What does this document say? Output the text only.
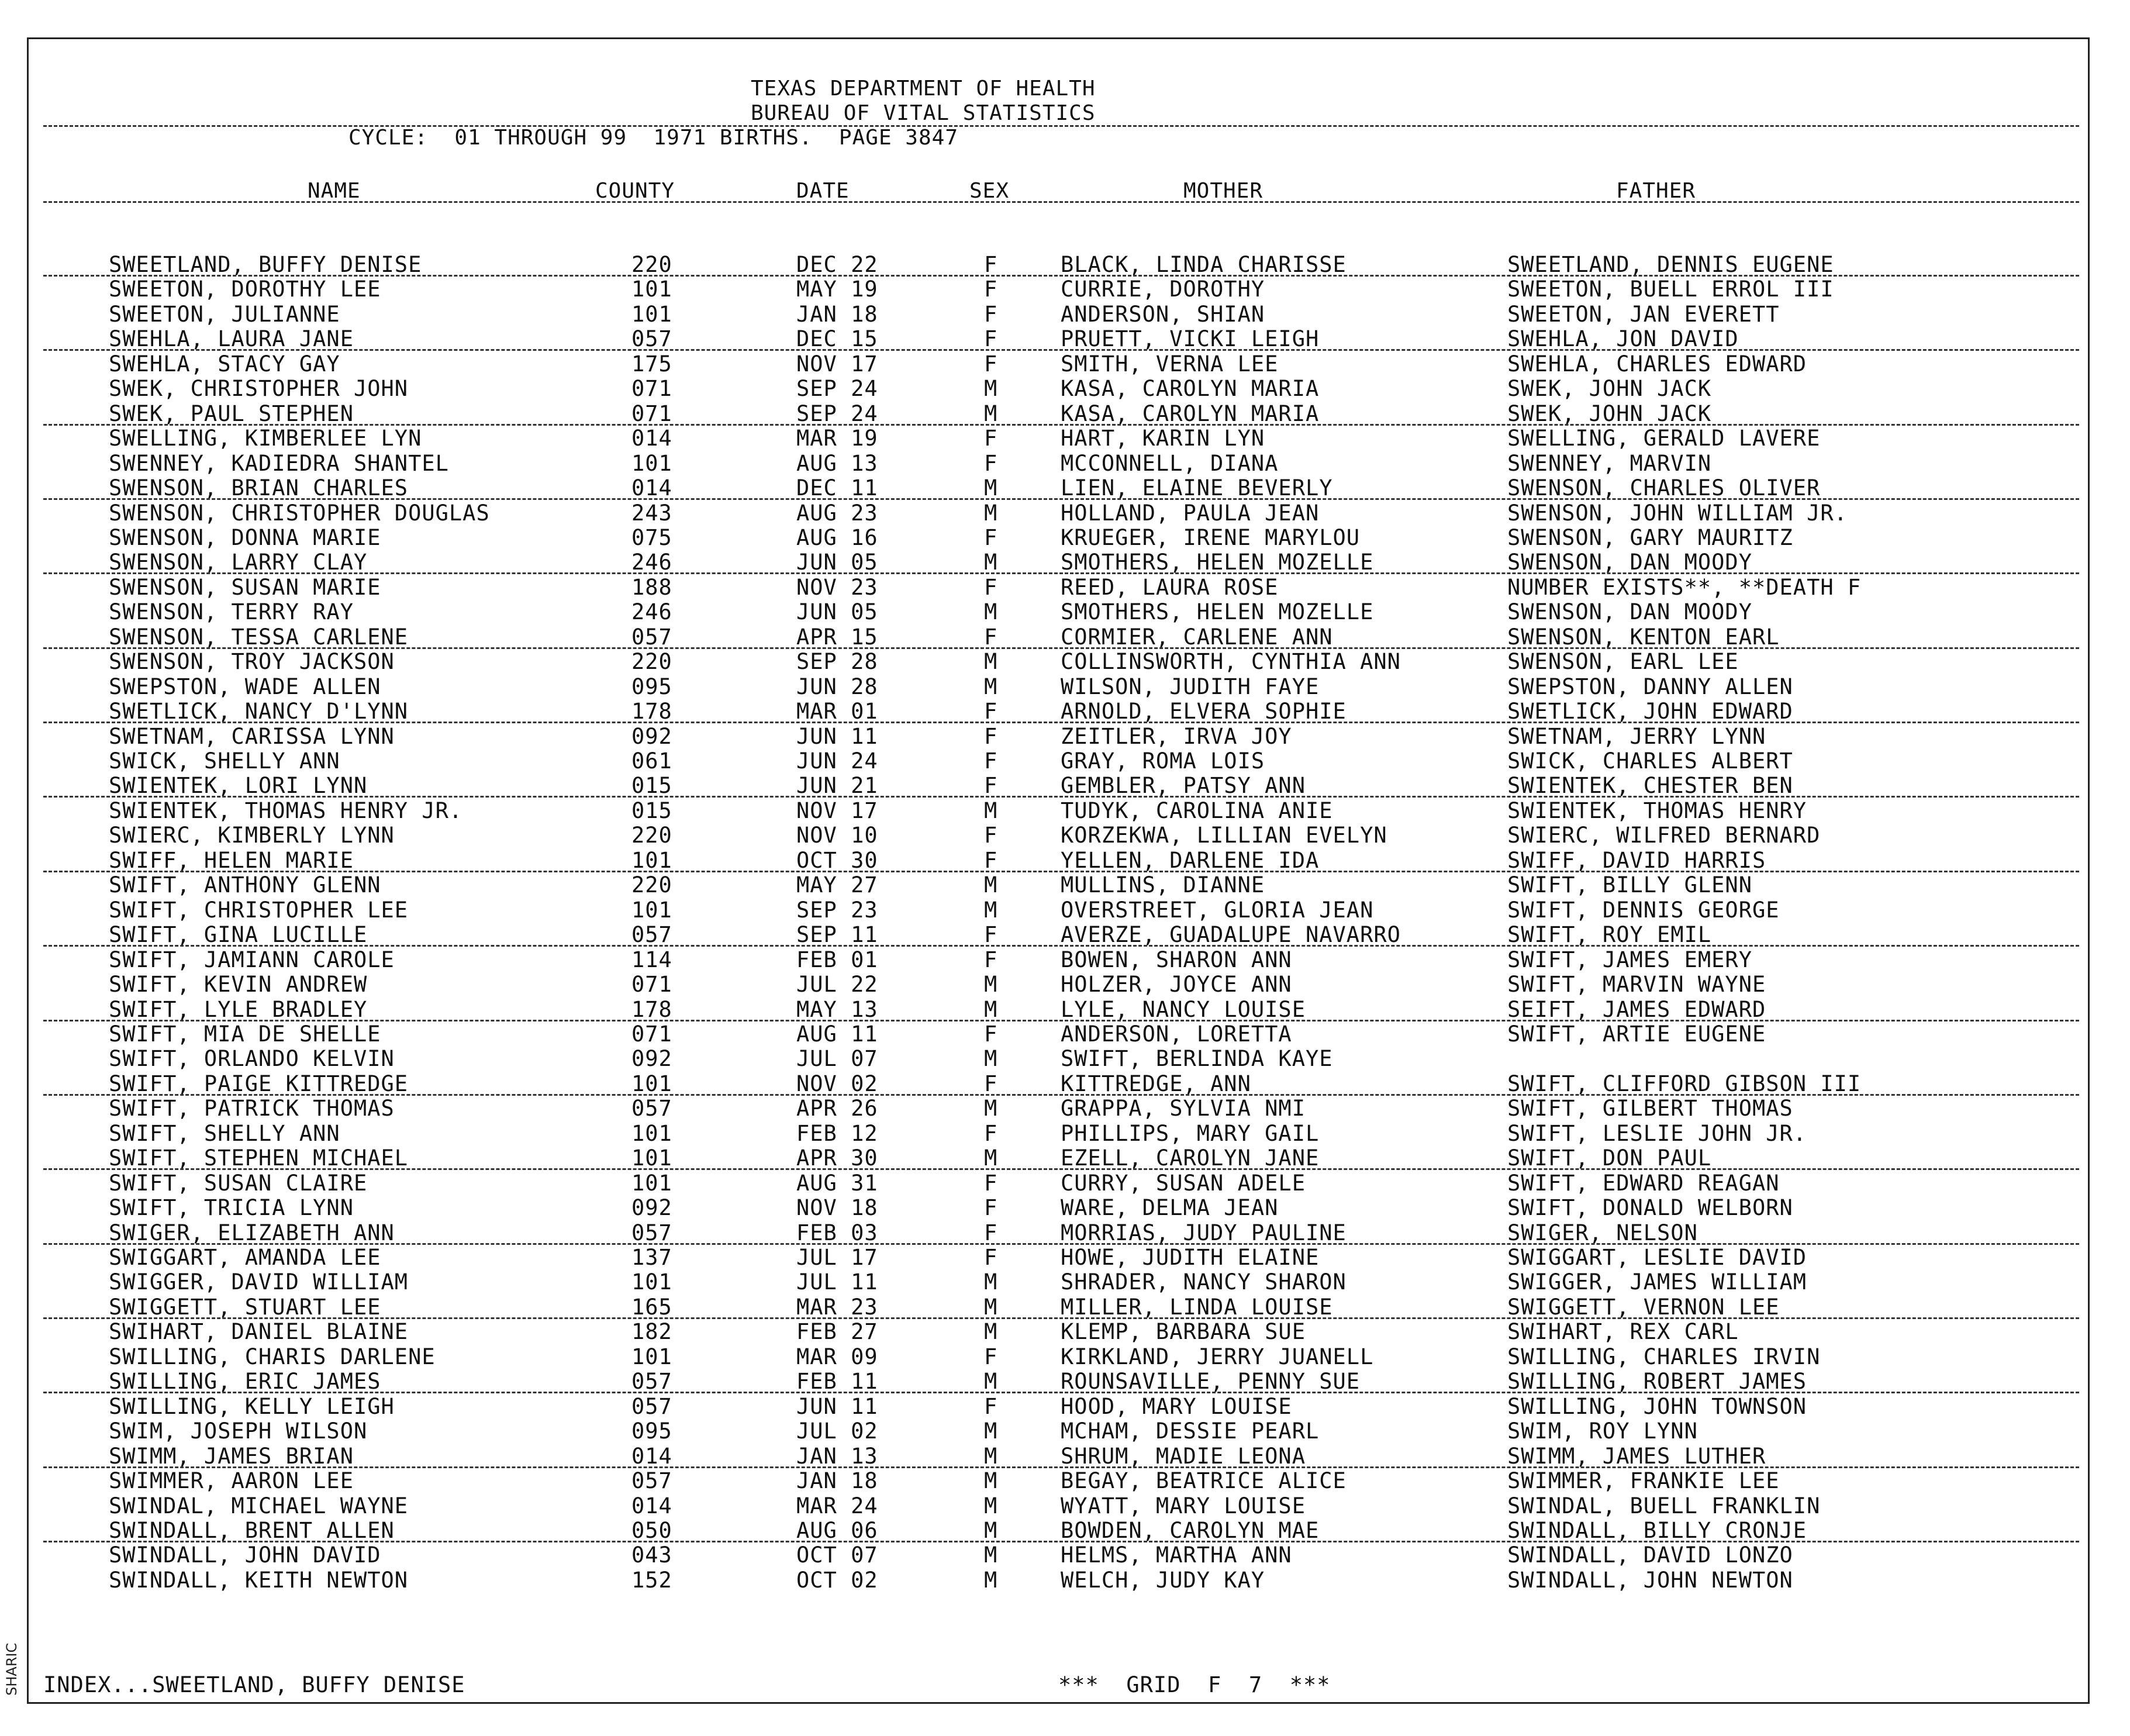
SHARIC
TEXAS DEPARTMENT OF HEALTH
BUREAU OF VITAL STATISTICS
CYCLE:  01 THROUGH 99  1971 BIRTHS.  PAGE 3847
NAME	COUNTY	DATE	SEX	MOTHER	FATHER
SWEETLAND, BUFFY DENISE	220	DEC 22	F	BLACK, LINDA CHARISSE	SWEETLAND, DENNIS EUGENE
SWEETON, DOROTHY LEE	101	MAY 19	F	CURRIE, DOROTHY	SWEETON, BUELL ERROL III
SWEETON, JULIANNE	101	JAN 18	F	ANDERSON, SHIAN	SWEETON, JAN EVERETT
SWEHLA, LAURA JANE	057	DEC 15	F	PRUETT, VICKI LEIGH	SWEHLA, JON DAVID
SWEHLA, STACY GAY	175	NOV 17	F	SMITH, VERNA LEE	SWEHLA, CHARLES EDWARD
SWEK, CHRISTOPHER JOHN	071	SEP 24	M	KASA, CAROLYN MARIA	SWEK, JOHN JACK
SWEK, PAUL STEPHEN	071	SEP 24	M	KASA, CAROLYN MARIA	SWEK, JOHN JACK
SWELLING, KIMBERLEE LYN	014	MAR 19	F	HART, KARIN LYN	SWELLING, GERALD LAVERE
SWENNEY, KADIEDRA SHANTEL	101	AUG 13	F	MCCONNELL, DIANA	SWENNEY, MARVIN
SWENSON, BRIAN CHARLES	014	DEC 11	M	LIEN, ELAINE BEVERLY	SWENSON, CHARLES OLIVER
SWENSON, CHRISTOPHER DOUGLAS	243	AUG 23	M	HOLLAND, PAULA JEAN	SWENSON, JOHN WILLIAM JR.
SWENSON, DONNA MARIE	075	AUG 16	F	KRUEGER, IRENE MARYLOU	SWENSON, GARY MAURITZ
SWENSON, LARRY CLAY	246	JUN 05	M	SMOTHERS, HELEN MOZELLE	SWENSON, DAN MOODY
SWENSON, SUSAN MARIE	188	NOV 23	F	REED, LAURA ROSE	NUMBER EXISTS**, **DEATH F
SWENSON, TERRY RAY	246	JUN 05	M	SMOTHERS, HELEN MOZELLE	SWENSON, DAN MOODY
SWENSON, TESSA CARLENE	057	APR 15	F	CORMIER, CARLENE ANN	SWENSON, KENTON EARL
SWENSON, TROY JACKSON	220	SEP 28	M	COLLINSWORTH, CYNTHIA ANN	SWENSON, EARL LEE
SWEPSTON, WADE ALLEN	095	JUN 28	M	WILSON, JUDITH FAYE	SWEPSTON, DANNY ALLEN
SWETLICK, NANCY D'LYNN	178	MAR 01	F	ARNOLD, ELVERA SOPHIE	SWETLICK, JOHN EDWARD
SWETNAM, CARISSA LYNN	092	JUN 11	F	ZEITLER, IRVA JOY	SWETNAM, JERRY LYNN
SWICK, SHELLY ANN	061	JUN 24	F	GRAY, ROMA LOIS	SWICK, CHARLES ALBERT
SWIENTEK, LORI LYNN	015	JUN 21	F	GEMBLER, PATSY ANN	SWIENTEK, CHESTER BEN
SWIENTEK, THOMAS HENRY JR.	015	NOV 17	M	TUDYK, CAROLINA ANIE	SWIENTEK, THOMAS HENRY
SWIERC, KIMBERLY LYNN	220	NOV 10	F	KORZEKWA, LILLIAN EVELYN	SWIERC, WILFRED BERNARD
SWIFF, HELEN MARIE	101	OCT 30	F	YELLEN, DARLENE IDA	SWIFF, DAVID HARRIS
SWIFT, ANTHONY GLENN	220	MAY 27	M	MULLINS, DIANNE	SWIFT, BILLY GLENN
SWIFT, CHRISTOPHER LEE	101	SEP 23	M	OVERSTREET, GLORIA JEAN	SWIFT, DENNIS GEORGE
SWIFT, GINA LUCILLE	057	SEP 11	F	AVERZE, GUADALUPE NAVARRO	SWIFT, ROY EMIL
SWIFT, JAMIANN CAROLE	114	FEB 01	F	BOWEN, SHARON ANN	SWIFT, JAMES EMERY
SWIFT, KEVIN ANDREW	071	JUL 22	M	HOLZER, JOYCE ANN	SWIFT, MARVIN WAYNE
SWIFT, LYLE BRADLEY	178	MAY 13	M	LYLE, NANCY LOUISE	SEIFT, JAMES EDWARD
SWIFT, MIA DE SHELLE	071	AUG 11	F	ANDERSON, LORETTA	SWIFT, ARTIE EUGENE
SWIFT, ORLANDO KELVIN	092	JUL 07	M	SWIFT, BERLINDA KAYE
SWIFT, PAIGE KITTREDGE	101	NOV 02	F	KITTREDGE, ANN	SWIFT, CLIFFORD GIBSON III
SWIFT, PATRICK THOMAS	057	APR 26	M	GRAPPA, SYLVIA NMI	SWIFT, GILBERT THOMAS
SWIFT, SHELLY ANN	101	FEB 12	F	PHILLIPS, MARY GAIL	SWIFT, LESLIE JOHN JR.
SWIFT, STEPHEN MICHAEL	101	APR 30	M	EZELL, CAROLYN JANE	SWIFT, DON PAUL
SWIFT, SUSAN CLAIRE	101	AUG 31	F	CURRY, SUSAN ADELE	SWIFT, EDWARD REAGAN
SWIFT, TRICIA LYNN	092	NOV 18	F	WARE, DELMA JEAN	SWIFT, DONALD WELBORN
SWIGER, ELIZABETH ANN	057	FEB 03	F	MORRIAS, JUDY PAULINE	SWIGER, NELSON
SWIGGART, AMANDA LEE	137	JUL 17	F	HOWE, JUDITH ELAINE	SWIGGART, LESLIE DAVID
SWIGGER, DAVID WILLIAM	101	JUL 11	M	SHRADER, NANCY SHARON	SWIGGER, JAMES WILLIAM
SWIGGETT, STUART LEE	165	MAR 23	M	MILLER, LINDA LOUISE	SWIGGETT, VERNON LEE
SWIHART, DANIEL BLAINE	182	FEB 27	M	KLEMP, BARBARA SUE	SWIHART, REX CARL
SWILLING, CHARIS DARLENE	101	MAR 09	F	KIRKLAND, JERRY JUANELL	SWILLING, CHARLES IRVIN
SWILLING, ERIC JAMES	057	FEB 11	M	ROUNSAVILLE, PENNY SUE	SWILLING, ROBERT JAMES
SWILLING, KELLY LEIGH	057	JUN 11	F	HOOD, MARY LOUISE	SWILLING, JOHN TOWNSON
SWIM, JOSEPH WILSON	095	JUL 02	M	MCHAM, DESSIE PEARL	SWIM, ROY LYNN
SWIMM, JAMES BRIAN	014	JAN 13	M	SHRUM, MADIE LEONA	SWIMM, JAMES LUTHER
SWIMMER, AARON LEE	057	JAN 18	M	BEGAY, BEATRICE ALICE	SWIMMER, FRANKIE LEE
SWINDAL, MICHAEL WAYNE	014	MAR 24	M	WYATT, MARY LOUISE	SWINDAL, BUELL FRANKLIN
SWINDALL, BRENT ALLEN	050	AUG 06	M	BOWDEN, CAROLYN MAE	SWINDALL, BILLY CRONJE
SWINDALL, JOHN DAVID	043	OCT 07	M	HELMS, MARTHA ANN	SWINDALL, DAVID LONZO
SWINDALL, KEITH NEWTON	152	OCT 02	M	WELCH, JUDY KAY	SWINDALL, JOHN NEWTON
INDEX...SWEETLAND, BUFFY DENISE	***  GRID  F  7  ***
